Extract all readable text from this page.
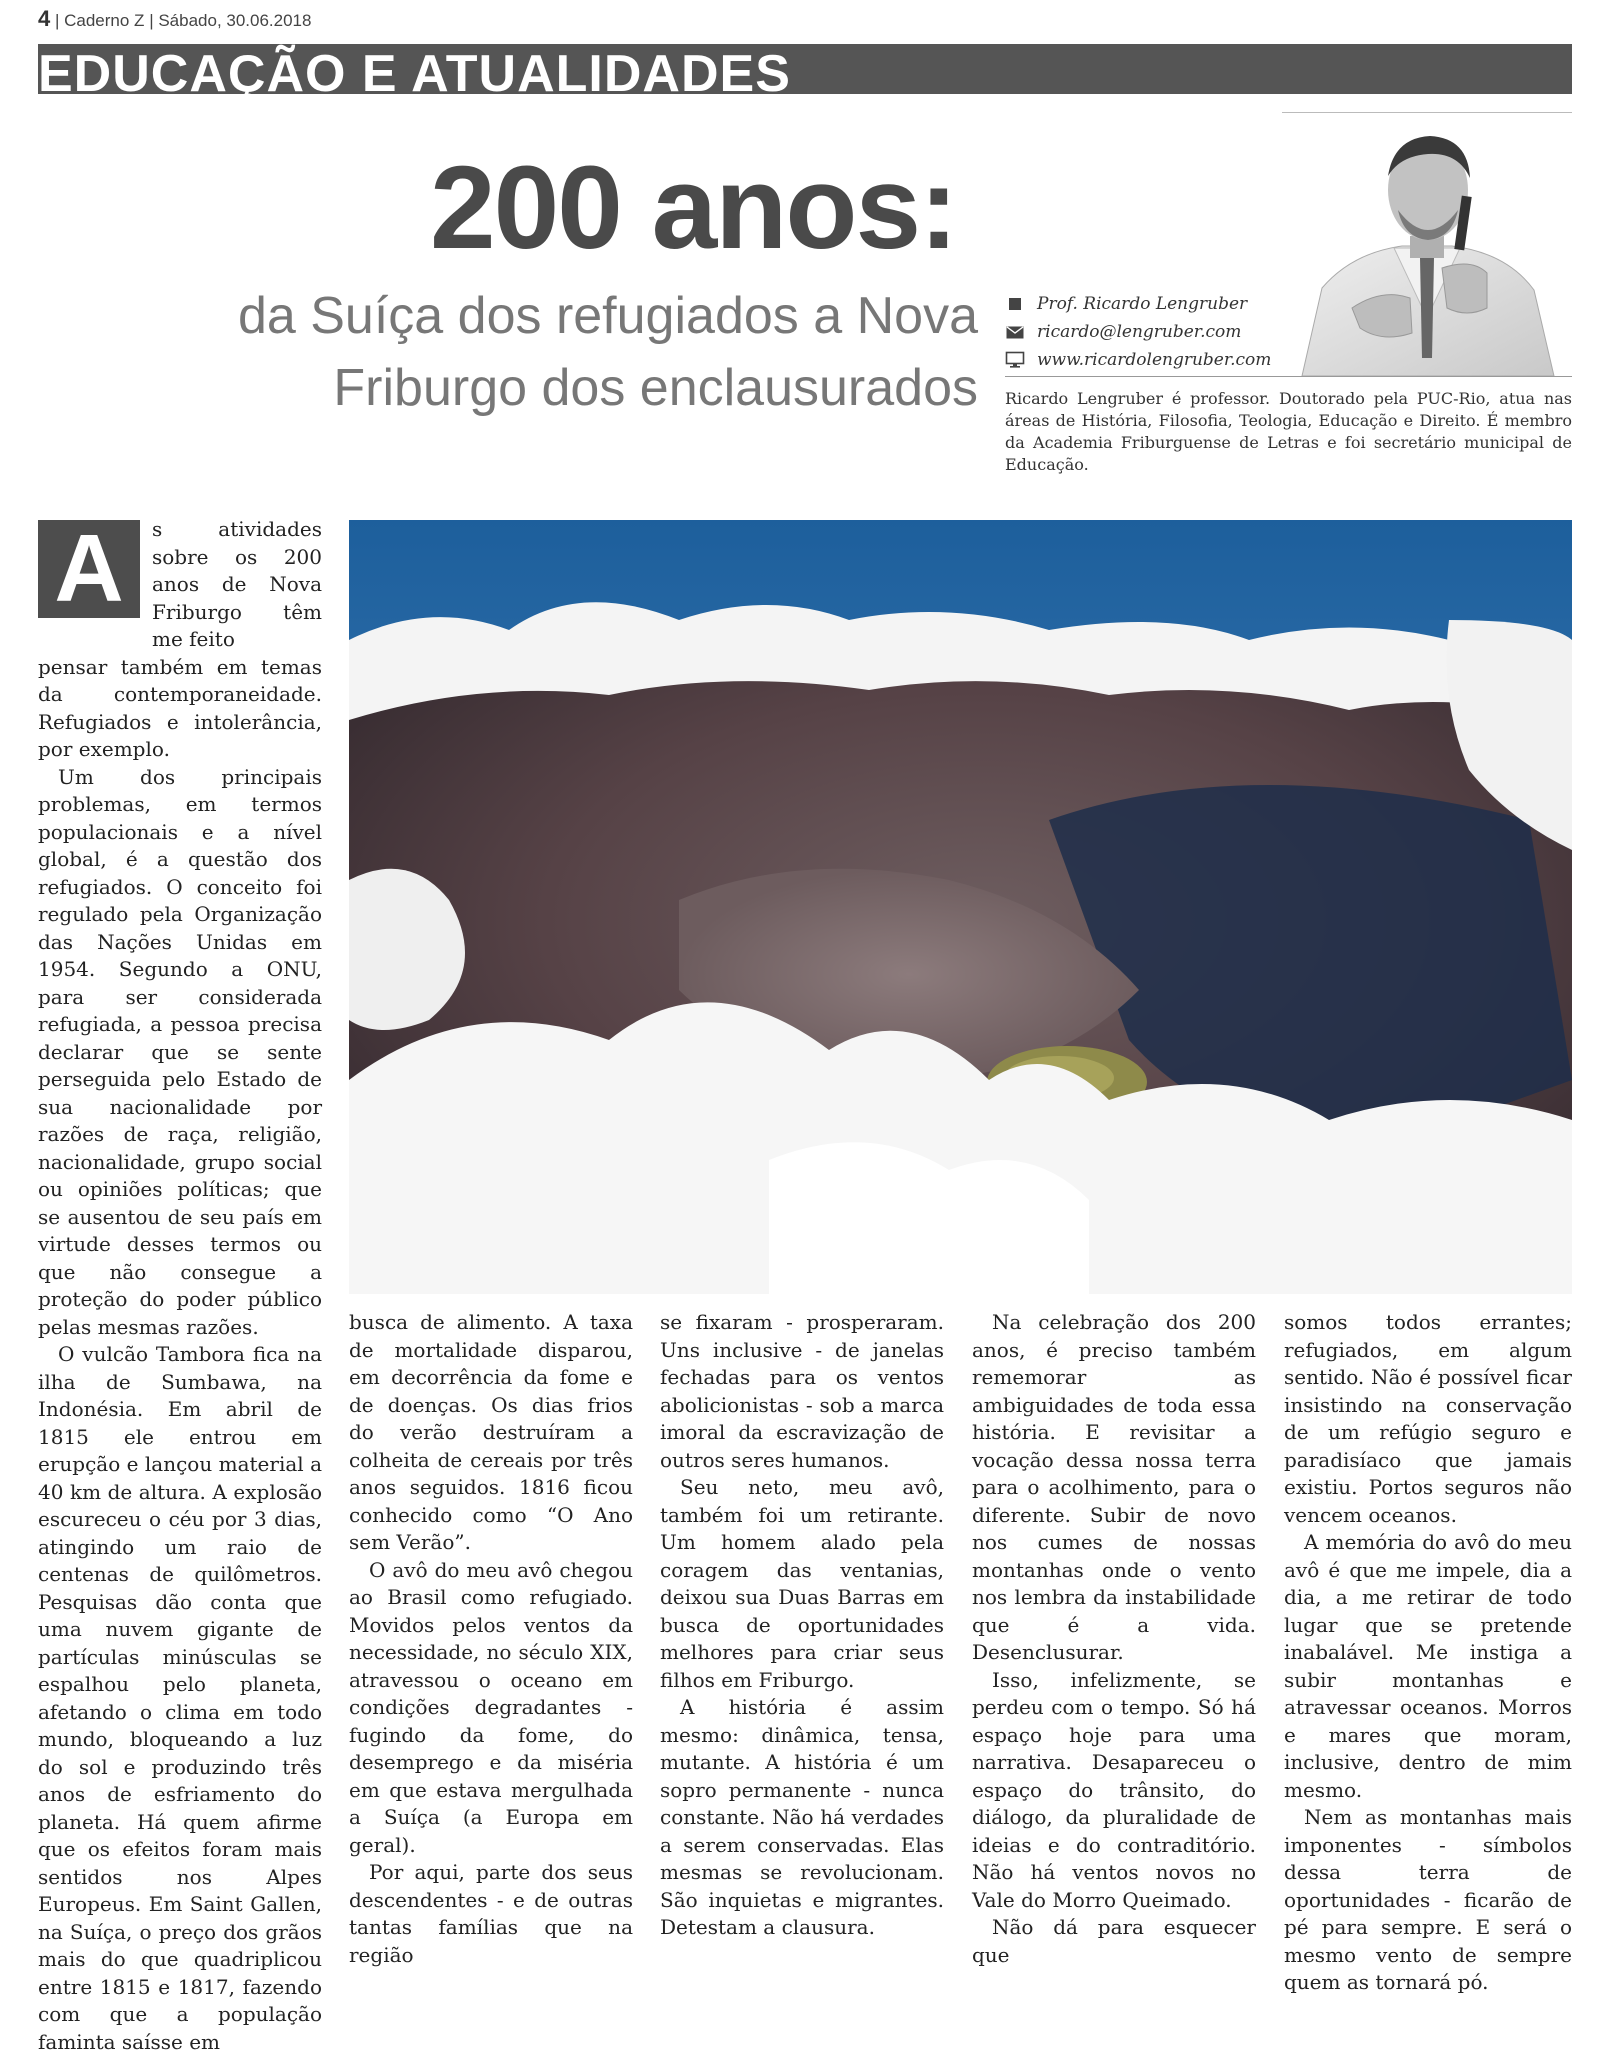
4 | Caderno Z | Sábado, 30.06.2018
EDUCAÇÃO E ATUALIDADES
200 anos:
da Suíça dos refugiados a Nova
Friburgo dos enclausurados
Prof. Ricardo Lengruber
ricardo@lengruber.com
www.ricardolengruber.com
Ricardo Lengruber é professor. Doutorado pela PUC-Rio, atua nas áreas de História, Filosofia, Teologia, Educação e Direito. É membro da Academia Friburguense de Letras e foi secretário municipal de Educação.
A	s atividades sobre os 200 anos de Nova Friburgo têm me feito

pensar também em temas da contemporaneidade. Refugiados e intolerância, por exemplo.

Um dos principais problemas, em termos populacionais e a nível global, é a questão dos refugiados. O conceito foi regulado pela Organização das Nações Unidas em 1954. Segundo a ONU, para ser considerada refugiada, a pessoa precisa declarar que se sente perseguida pelo Estado de sua nacionalidade por razões de raça, religião, nacionalidade, grupo social ou opiniões políticas; que se ausentou de seu país em virtude desses termos ou que não consegue a proteção do poder público pelas mesmas razões.

O vulcão Tambora fica na ilha de Sumbawa, na Indonésia. Em abril de 1815 ele entrou em erupção e lançou material a 40 km de altura. A explosão escureceu o céu por 3 dias, atingindo um raio de centenas de quilômetros. Pesquisas dão conta que uma nuvem gigante de partículas minúsculas se espalhou pelo planeta, afetando o clima em todo mundo, bloqueando a luz do sol e produzindo três anos de esfriamento do planeta. Há quem afirme que os efeitos foram mais sentidos nos Alpes Europeus. Em Saint Gallen, na Suíça, o preço dos grãos mais do que quadriplicou entre 1815 e 1817, fazendo com que a população faminta saísse em

busca de alimento. A taxa de mortalidade disparou, em decorrência da fome e de doenças. Os dias frios do verão destruíram a colheita de cereais por três anos seguidos. 1816 ficou conhecido como “O Ano sem Verão”.

O avô do meu avô chegou ao Brasil como refugiado. Movidos pelos ventos da necessidade, no século XIX, atravessou o oceano em condições degradantes - fugindo da fome, do desemprego e da miséria em que estava mergulhada a Suíça (a Europa em geral).

Por aqui, parte dos seus descendentes - e de outras tantas famílias que na região

se fixaram - prosperaram. Uns inclusive - de janelas fechadas para os ventos abolicionistas - sob a marca imoral da escravização de outros seres humanos.

Seu neto, meu avô, também foi um retirante. Um homem alado pela coragem das ventanias, deixou sua Duas Barras em busca de oportunidades melhores para criar seus filhos em Friburgo.

A história é assim mesmo: dinâmica, tensa, mutante. A história é um sopro permanente - nunca constante. Não há verdades a serem conservadas. Elas mesmas se revolucionam. São inquietas e migrantes. Detestam a clausura.

Na celebração dos 200 anos, é preciso também rememorar as ambiguidades de toda essa história. E revisitar a vocação dessa nossa terra para o acolhimento, para o diferente. Subir de novo nos cumes de nossas montanhas onde o vento nos lembra da instabilidade que é a vida. Desenclusurar.

Isso, infelizmente, se perdeu com o tempo. Só há espaço hoje para uma narrativa. Desapareceu o espaço do trânsito, do diálogo, da pluralidade de ideias e do contraditório. Não há ventos novos no Vale do Morro Queimado.

Não dá para esquecer que

somos todos errantes; refugiados, em algum sentido. Não é possível ficar insistindo na conservação de um refúgio seguro e paradisíaco que jamais existiu. Portos seguros não vencem oceanos.

A memória do avô do meu avô é que me impele, dia a dia, a me retirar de todo lugar que se pretende inabalável. Me instiga a subir montanhas e atravessar oceanos. Morros e mares que moram, inclusive, dentro de mim mesmo.

Nem as montanhas mais imponentes - símbolos dessa terra de oportunidades - ficarão de pé para sempre. E será o mesmo vento de sempre quem as tornará pó.
